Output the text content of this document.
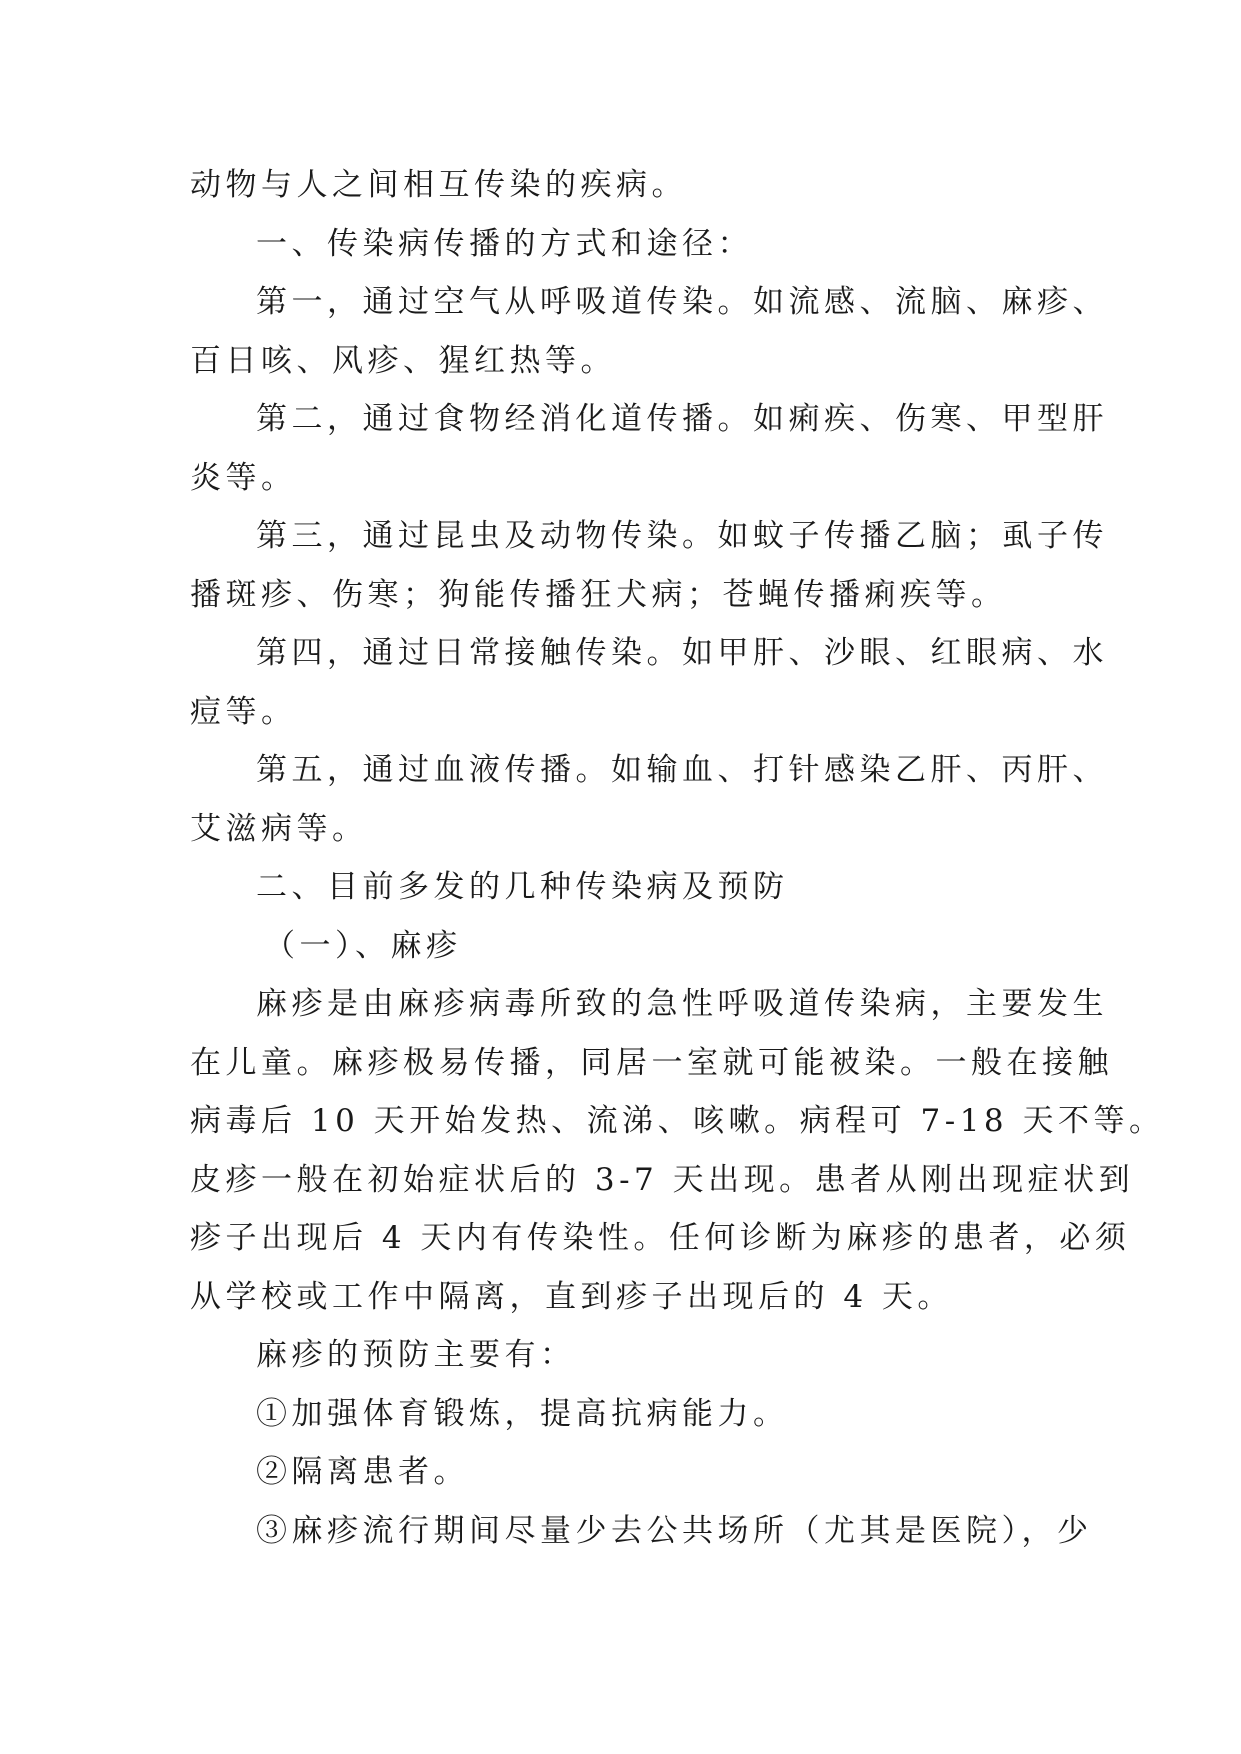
动物与人之间相互传染的疾病。

一、传染病传播的方式和途径：

第一，通过空气从呼吸道传染。如流感、流脑、麻疹、

百日咳、风疹、猩红热等。

第二，通过食物经消化道传播。如痢疾、伤寒、甲型肝

炎等。

第三，通过昆虫及动物传染。如蚊子传播乙脑；虱子传

播斑疹、伤寒；狗能传播狂犬病；苍蝇传播痢疾等。

第四，通过日常接触传染。如甲肝、沙眼、红眼病、水

痘等。

第五，通过血液传播。如输血、打针感染乙肝、丙肝、

艾滋病等。

二、目前多发的几种传染病及预防

（一）、麻疹

麻疹是由麻疹病毒所致的急性呼吸道传染病，主要发生

在儿童。麻疹极易传播，同居一室就可能被染。一般在接触

病毒后 10 天开始发热、流涕、咳嗽。病程可 7-18 天不等。

皮疹一般在初始症状后的 3-7 天出现。患者从刚出现症状到

疹子出现后 4 天内有传染性。任何诊断为麻疹的患者，必须

从学校或工作中隔离，直到疹子出现后的 4 天。

麻疹的预防主要有：

①加强体育锻炼，提高抗病能力。

②隔离患者。

③麻疹流行期间尽量少去公共场所（尤其是医院），少
